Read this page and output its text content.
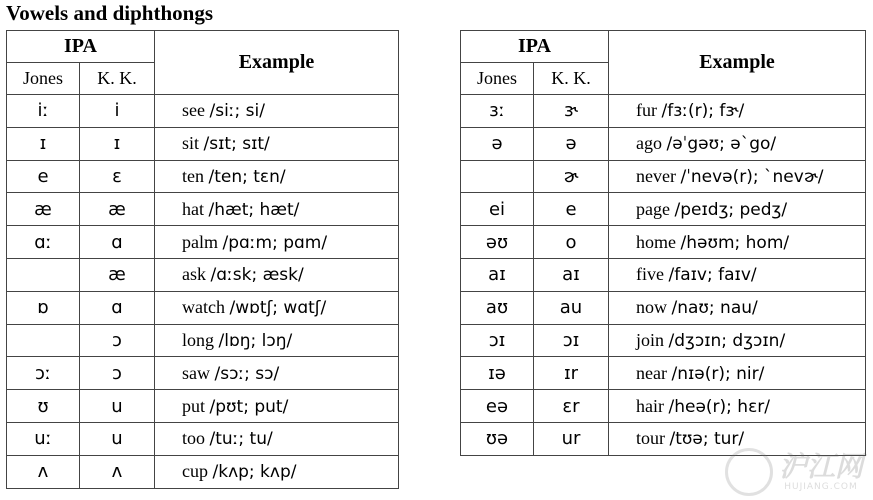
Vowels and diphthongs
IPA		Example
Jones	K. K.	
iː	i	see /siː; si/
ɪ	ɪ	sit /sɪt; sɪt/
e	ɛ	ten /ten; tɛn/
æ	æ	hat /hæt; hæt/
ɑː	ɑ	palm /pɑːm; pɑm/
	æ	ask /ɑːsk; æsk/
ɒ	ɑ	watch /wɒtʃ; wɑtʃ/
	ɔ	long /lɒŋ; lɔŋ/
ɔː	ɔ	saw /sɔː; sɔ/
ʊ	u	put /pʊt; put/
uː	u	too /tuː; tu/
ʌ	ʌ	cup /kʌp; kʌp/
IPA		Example
Jones	K. K.	
ɜː	ɝ	fur /fɜː(r); fɝ/
ə	ə	ago /əˈgəʊ; əˋgo/
	ɚ	never /ˈnevə(r); ˋnevɚ/
ei	e	page /peɪdʒ; pedʒ/
əʊ	o	home /həʊm; hom/
aɪ	aɪ	five /faɪv; faɪv/
aʊ	au	now /naʊ; nau/
ɔɪ	ɔɪ	join /dʒɔɪn; dʒɔɪn/
ɪə	ɪr	near /nɪə(r); nir/
eə	ɛr	hair /heə(r); hɛr/
ʊə	ur	tour /tʊə; tur/
沪江网
HUJIANG.COM
